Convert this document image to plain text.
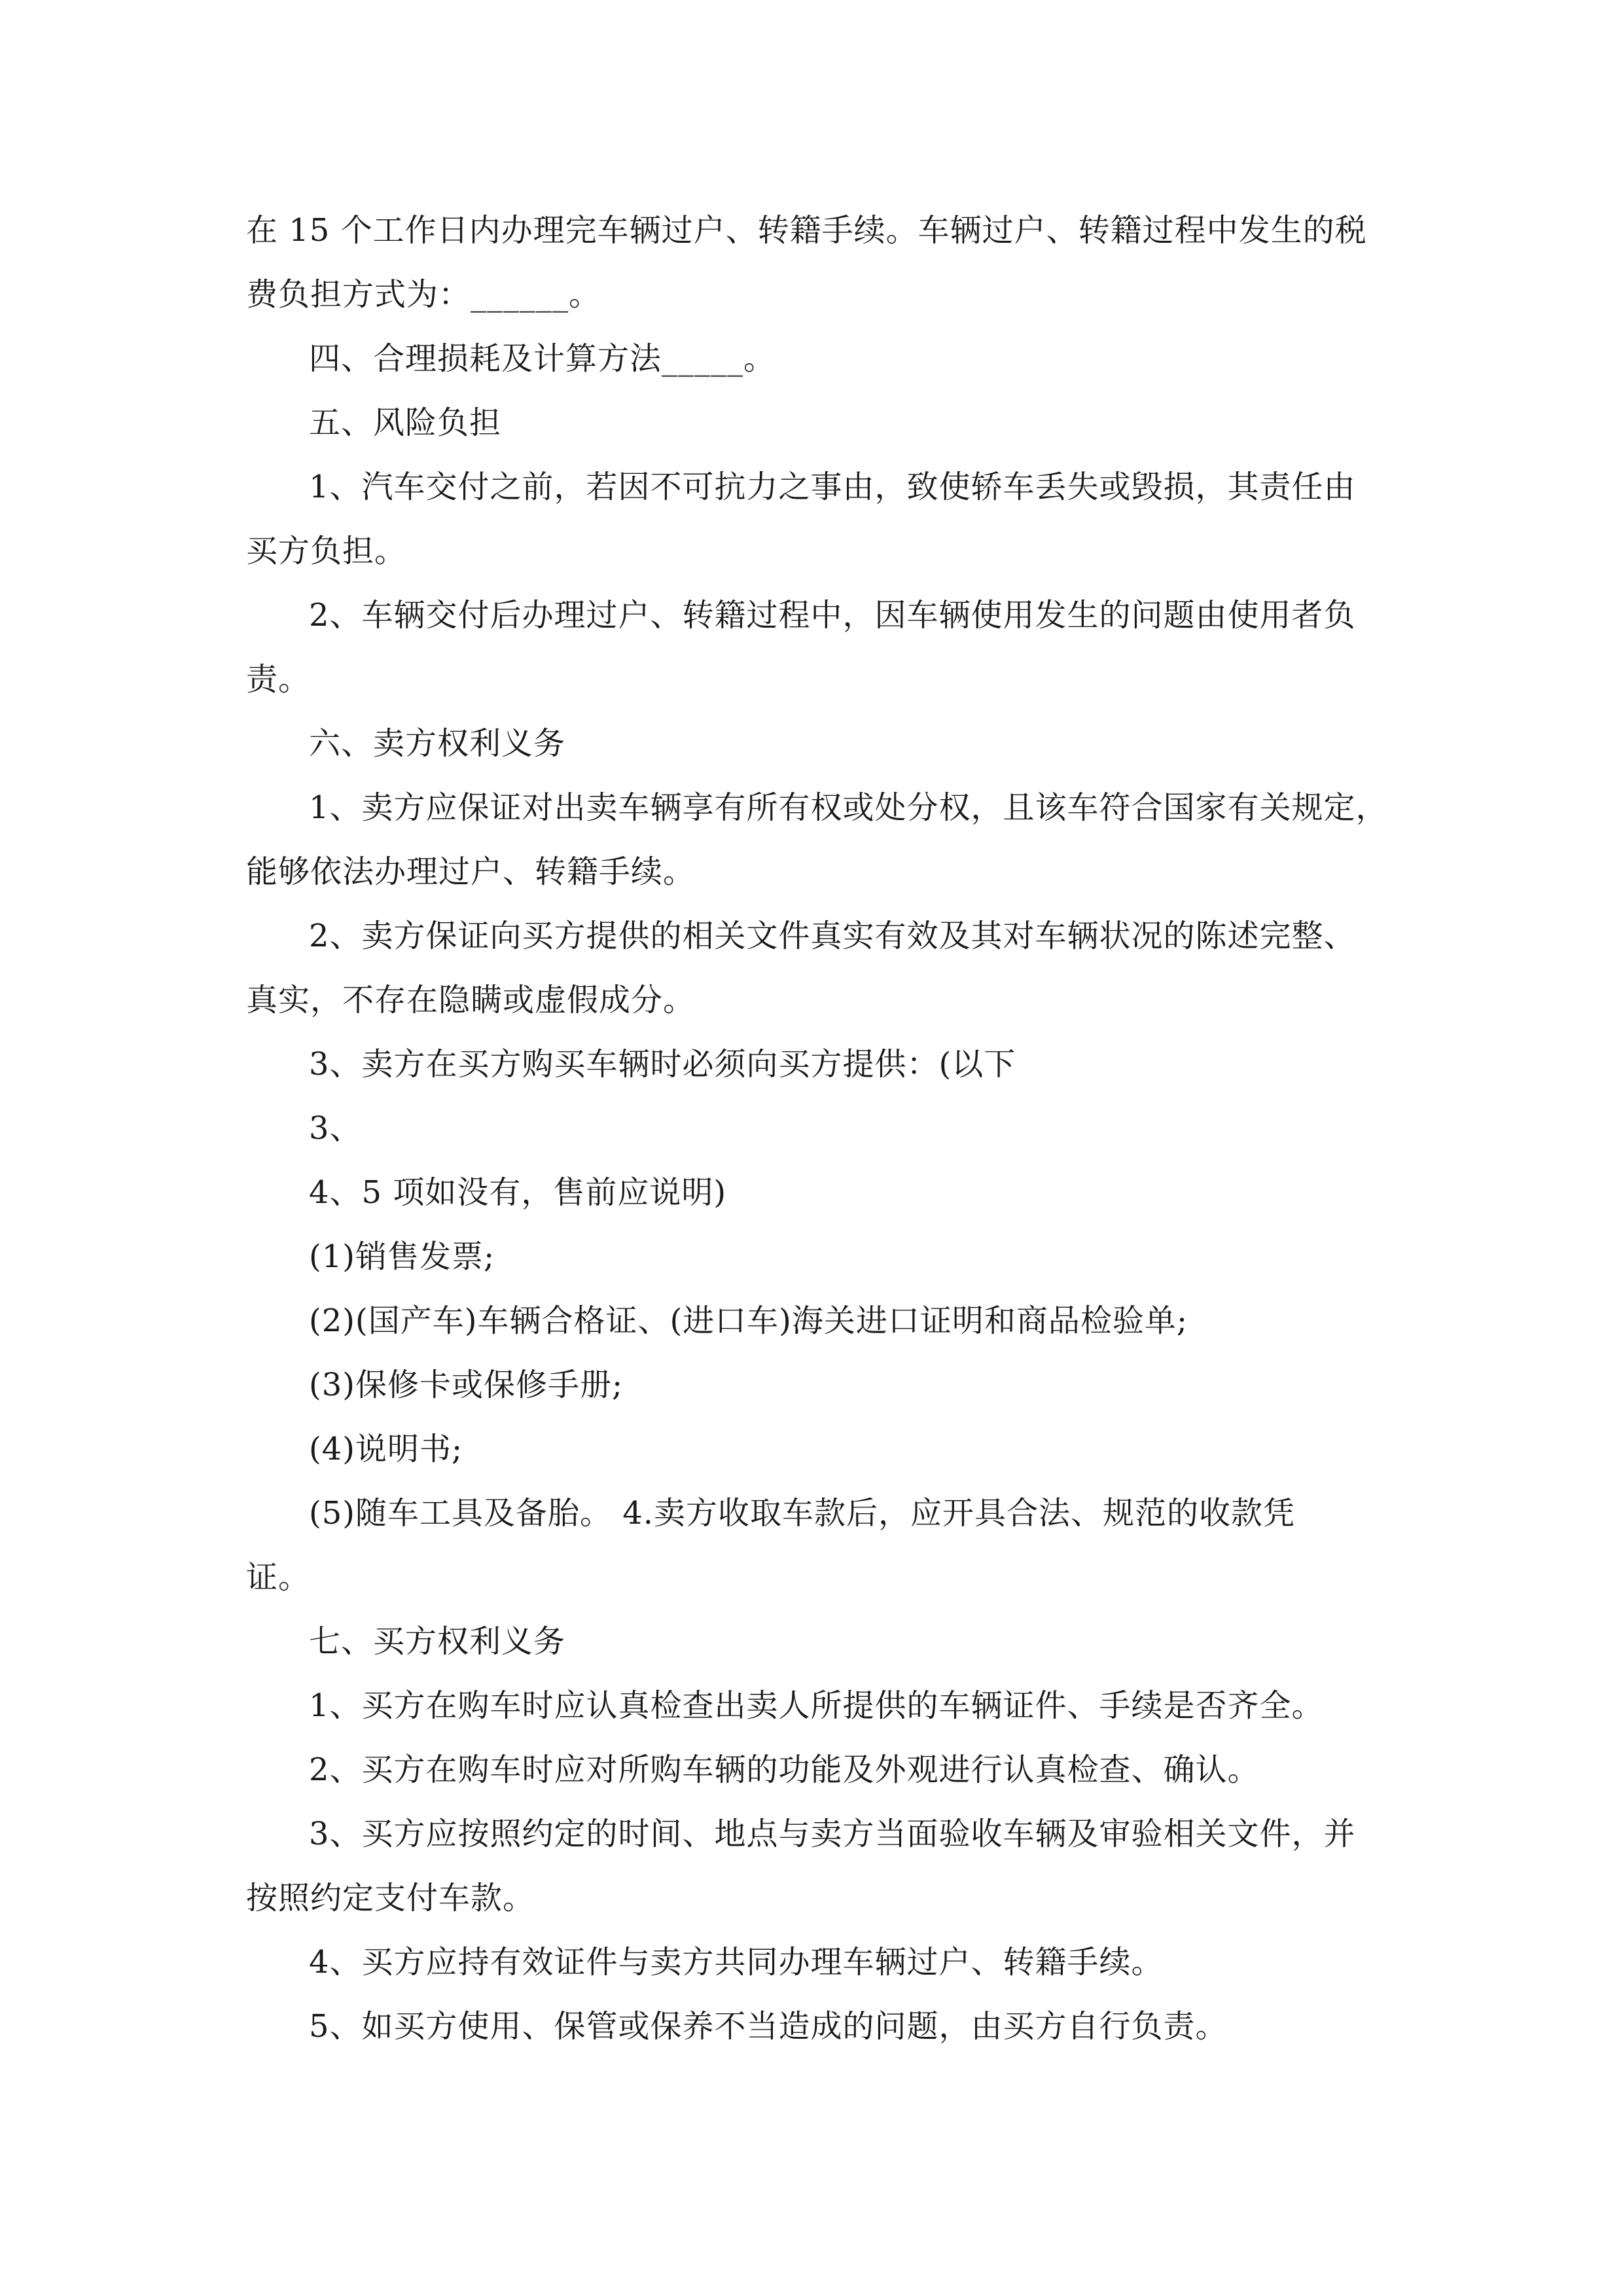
在 15 个工作日内办理完车辆过户、转籍手续。车辆过户、转籍过程中发生的税
费负担方式为：______。
四、合理损耗及计算方法_____。
五、风险负担
1、汽车交付之前，若因不可抗力之事由，致使轿车丢失或毁损，其责任由
买方负担。
2、车辆交付后办理过户、转籍过程中，因车辆使用发生的问题由使用者负
责。
六、卖方权利义务
1、卖方应保证对出卖车辆享有所有权或处分权，且该车符合国家有关规定，
能够依法办理过户、转籍手续。
2、卖方保证向买方提供的相关文件真实有效及其对车辆状况的陈述完整、
真实，不存在隐瞒或虚假成分。
3、卖方在买方购买车辆时必须向买方提供：(以下
3、
4、5 项如没有，售前应说明)
(1)销售发票;
(2)(国产车)车辆合格证、(进口车)海关进口证明和商品检验单;
(3)保修卡或保修手册;
(4)说明书;
(5)随车工具及备胎。 4.卖方收取车款后，应开具合法、规范的收款凭
证。
七、买方权利义务
1、买方在购车时应认真检查出卖人所提供的车辆证件、手续是否齐全。
2、买方在购车时应对所购车辆的功能及外观进行认真检查、确认。
3、买方应按照约定的时间、地点与卖方当面验收车辆及审验相关文件，并
按照约定支付车款。
4、买方应持有效证件与卖方共同办理车辆过户、转籍手续。
5、如买方使用、保管或保养不当造成的问题，由买方自行负责。
